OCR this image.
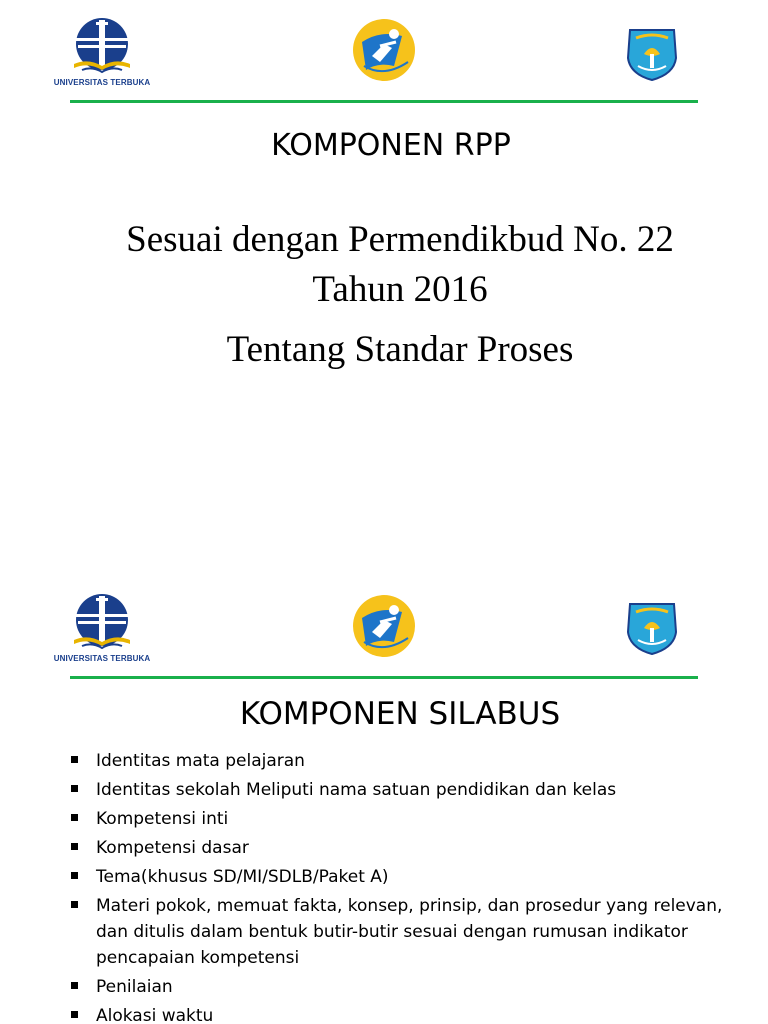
UNIVERSITAS TERBUKA
KOMPONEN RPP
Sesuai dengan Permendikbud No. 22
Tahun 2016
Tentang Standar Proses
UNIVERSITAS TERBUKA
KOMPONEN SILABUS
Identitas mata pelajaran
Identitas sekolah Meliputi nama satuan pendidikan dan kelas
Kompetensi inti
Kompetensi dasar
Tema(khusus SD/MI/SDLB/Paket A)
Materi pokok, memuat fakta, konsep, prinsip, dan prosedur yang relevan, dan ditulis dalam bentuk butir-butir sesuai dengan rumusan indikator pencapaian kompetensi
Penilaian
Alokasi waktu
